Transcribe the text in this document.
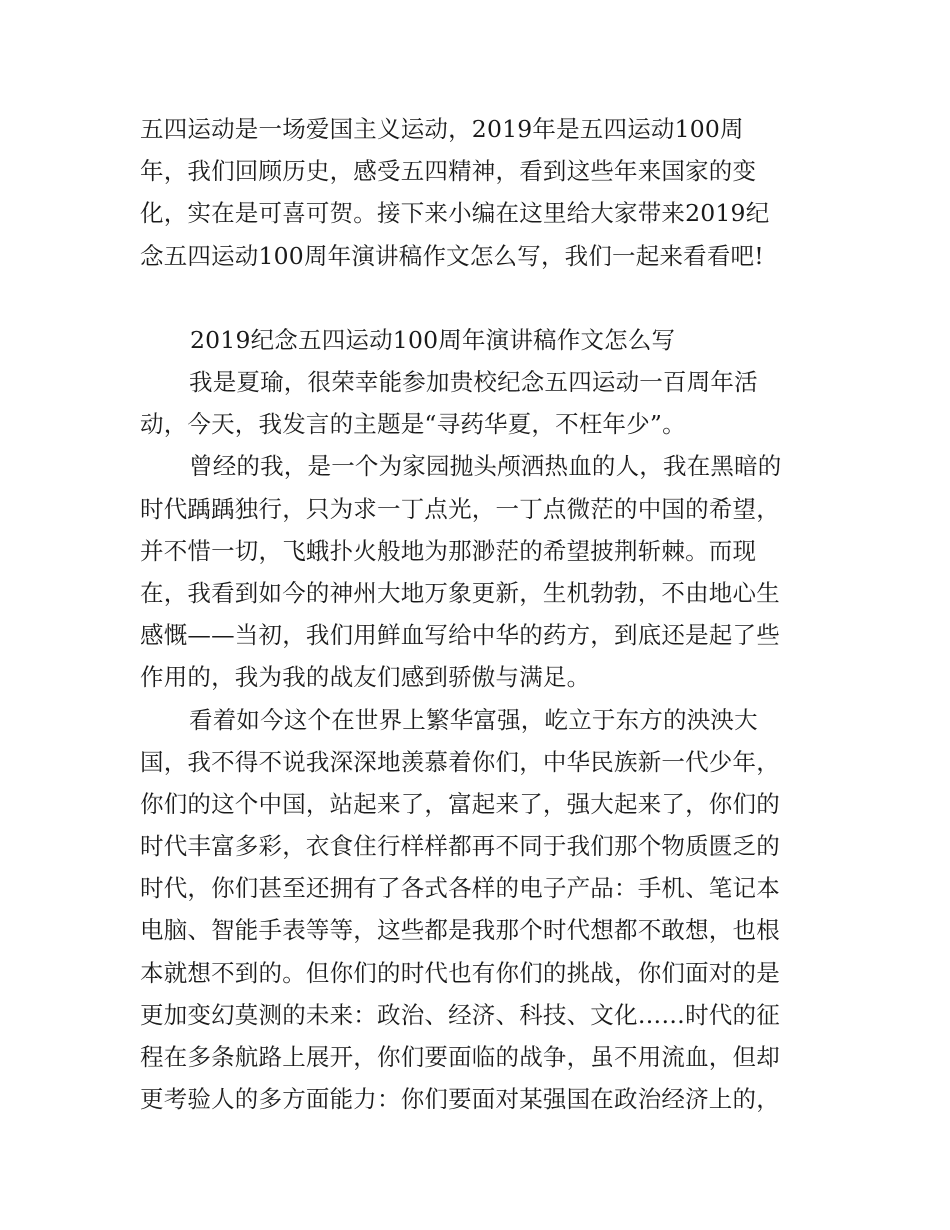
五四运动是一场爱国主义运动，2019年是五四运动100周
年，我们回顾历史，感受五四精神，看到这些年来国家的变
化，实在是可喜可贺。接下来小编在这里给大家带来2019纪
念五四运动100周年演讲稿作文怎么写，我们一起来看看吧!
2019纪念五四运动100周年演讲稿作文怎么写
我是夏瑜，很荣幸能参加贵校纪念五四运动一百周年活
动，今天，我发言的主题是“寻药华夏，不枉年少”。
曾经的我，是一个为家园抛头颅洒热血的人，我在黑暗的
时代踽踽独行，只为求一丁点光，一丁点微茫的中国的希望，
并不惜一切，飞蛾扑火般地为那渺茫的希望披荆斩棘。而现
在，我看到如今的神州大地万象更新，生机勃勃，不由地心生
感慨——当初，我们用鲜血写给中华的药方，到底还是起了些
作用的，我为我的战友们感到骄傲与满足。
看着如今这个在世界上繁华富强，屹立于东方的泱泱大
国，我不得不说我深深地羡慕着你们，中华民族新一代少年，
你们的这个中国，站起来了，富起来了，强大起来了，你们的
时代丰富多彩，衣食住行样样都再不同于我们那个物质匮乏的
时代，你们甚至还拥有了各式各样的电子产品：手机、笔记本
电脑、智能手表等等，这些都是我那个时代想都不敢想，也根
本就想不到的。但你们的时代也有你们的挑战，你们面对的是
更加变幻莫测的未来：政治、经济、科技、文化……时代的征
程在多条航路上展开，你们要面临的战争，虽不用流血，但却
更考验人的多方面能力：你们要面对某强国在政治经济上的，
